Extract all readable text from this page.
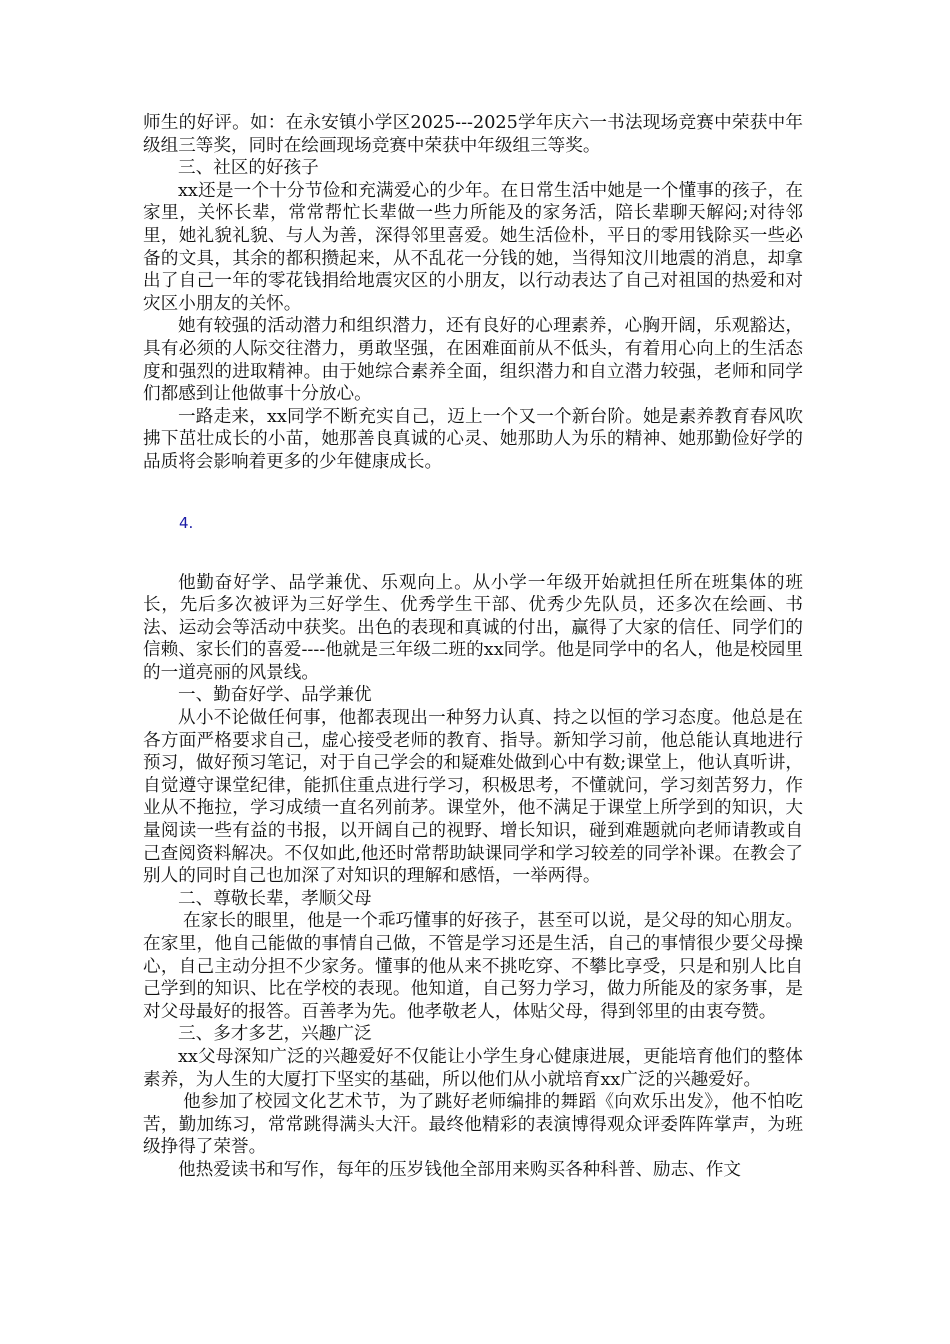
师生的好评。如：在永安镇小学区2025---2025学年庆六一书法现场竞赛中荣获中年级组三等奖，同时在绘画现场竞赛中荣获中年级组三等奖。

三、社区的好孩子

xx还是一个十分节俭和充满爱心的少年。在日常生活中她是一个懂事的孩子，在家里，关怀长辈，常常帮忙长辈做一些力所能及的家务活，陪长辈聊天解闷;对待邻里，她礼貌礼貌、与人为善，深得邻里喜爱。她生活俭朴，平日的零用钱除买一些必备的文具，其余的都积攒起来，从不乱花一分钱的她，当得知汶川地震的消息，却拿出了自己一年的零花钱捐给地震灾区的小朋友，以行动表达了自己对祖国的热爱和对灾区小朋友的关怀。

她有较强的活动潜力和组织潜力，还有良好的心理素养，心胸开阔，乐观豁达，具有必须的人际交往潜力，勇敢坚强，在困难面前从不低头，有着用心向上的生活态度和强烈的进取精神。由于她综合素养全面，组织潜力和自立潜力较强，老师和同学们都感到让他做事十分放心。

一路走来，xx同学不断充实自己，迈上一个又一个新台阶。她是素养教育春风吹拂下茁壮成长的小苗，她那善良真诚的心灵、她那助人为乐的精神、她那勤俭好学的品质将会影响着更多的少年健康成长。

4.

他勤奋好学、品学兼优、乐观向上。从小学一年级开始就担任所在班集体的班长，先后多次被评为三好学生、优秀学生干部、优秀少先队员，还多次在绘画、书法、运动会等活动中获奖。出色的表现和真诚的付出，赢得了大家的信任、同学们的信赖、家长们的喜爱----他就是三年级二班的xx同学。他是同学中的名人，他是校园里的一道亮丽的风景线。

一、勤奋好学、品学兼优

从小不论做任何事，他都表现出一种努力认真、持之以恒的学习态度。他总是在各方面严格要求自己，虚心接受老师的教育、指导。新知学习前，他总能认真地进行预习，做好预习笔记，对于自己学会的和疑难处做到心中有数;课堂上，他认真听讲，自觉遵守课堂纪律，能抓住重点进行学习，积极思考，不懂就问，学习刻苦努力，作业从不拖拉，学习成绩一直名列前茅。课堂外，他不满足于课堂上所学到的知识，大量阅读一些有益的书报，以开阔自己的视野、增长知识，碰到难题就向老师请教或自己查阅资料解决。不仅如此,他还时常帮助缺课同学和学习较差的同学补课。在教会了别人的同时自己也加深了对知识的理解和感悟，一举两得。

二、尊敬长辈，孝顺父母

在家长的眼里，他是一个乖巧懂事的好孩子，甚至可以说，是父母的知心朋友。在家里，他自己能做的事情自己做，不管是学习还是生活，自己的事情很少要父母操心，自己主动分担不少家务。懂事的他从来不挑吃穿、不攀比享受，只是和别人比自己学到的知识、比在学校的表现。他知道，自己努力学习，做力所能及的家务事，是对父母最好的报答。百善孝为先。他孝敬老人，体贴父母，得到邻里的由衷夸赞。

三、多才多艺，兴趣广泛

xx父母深知广泛的兴趣爱好不仅能让小学生身心健康进展，更能培育他们的整体素养，为人生的大厦打下坚实的基础，所以他们从小就培育xx广泛的兴趣爱好。

他参加了校园文化艺术节，为了跳好老师编排的舞蹈《向欢乐出发》，他不怕吃苦，勤加练习，常常跳得满头大汗。最终他精彩的表演博得观众评委阵阵掌声，为班级挣得了荣誉。

他热爱读书和写作，每年的压岁钱他全部用来购买各种科普、励志、作文
